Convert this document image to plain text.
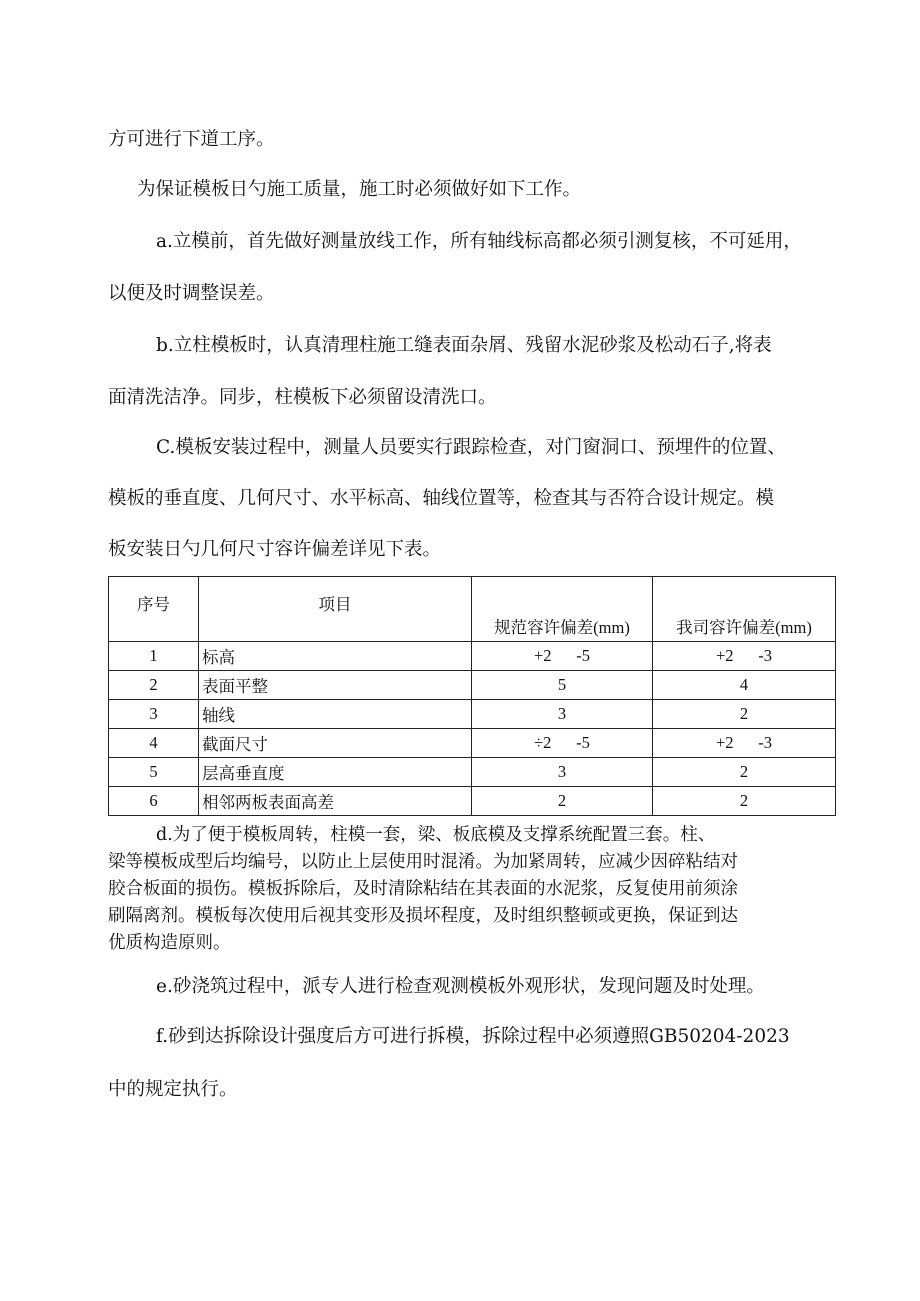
方可进行下道工序。
为保证模板日勺施工质量，施工时必须做好如下工作。
a.立模前，首先做好测量放线工作，所有轴线标高都必须引测复核，不可延用，
以便及时调整误差。
b.立柱模板时，认真清理柱施工缝表面杂屑、残留水泥砂浆及松动石子,将表
面清洗洁净。同步，柱模板下必须留设清洗口。
C.模板安装过程中，测量人员要实行跟踪检查，对门窗洞口、预埋件的位置、
模板的垂直度、几何尺寸、水平标高、轴线位置等，检查其与否符合设计规定。模
板安装日勺几何尺寸容许偏差详见下表。
序号	项目	规范容许偏差(mm)	我司容许偏差(mm)
1	标高	+2      -5	+2      -3
2	表面平整	5	4
3	轴线	3	2
4	截面尺寸	÷2      -5	+2      -3
5	层高垂直度	3	2
6	相邻两板表面高差	2	2
d.为了便于模板周转，柱模一套，梁、板底模及支撑系统配置三套。柱、
梁等模板成型后均编号，以防止上层使用时混淆。为加紧周转，应减少因碎粘结对
胶合板面的损伤。模板拆除后，及时清除粘结在其表面的水泥浆，反复使用前须涂
刷隔离剂。模板每次使用后视其变形及损坏程度，及时组织整顿或更换，保证到达
优质构造原则。
e.砂浇筑过程中，派专人进行检查观测模板外观形状，发现问题及时处理。
f.砂到达拆除设计强度后方可进行拆模，拆除过程中必须遵照GB50204-2023
中的规定执行。
